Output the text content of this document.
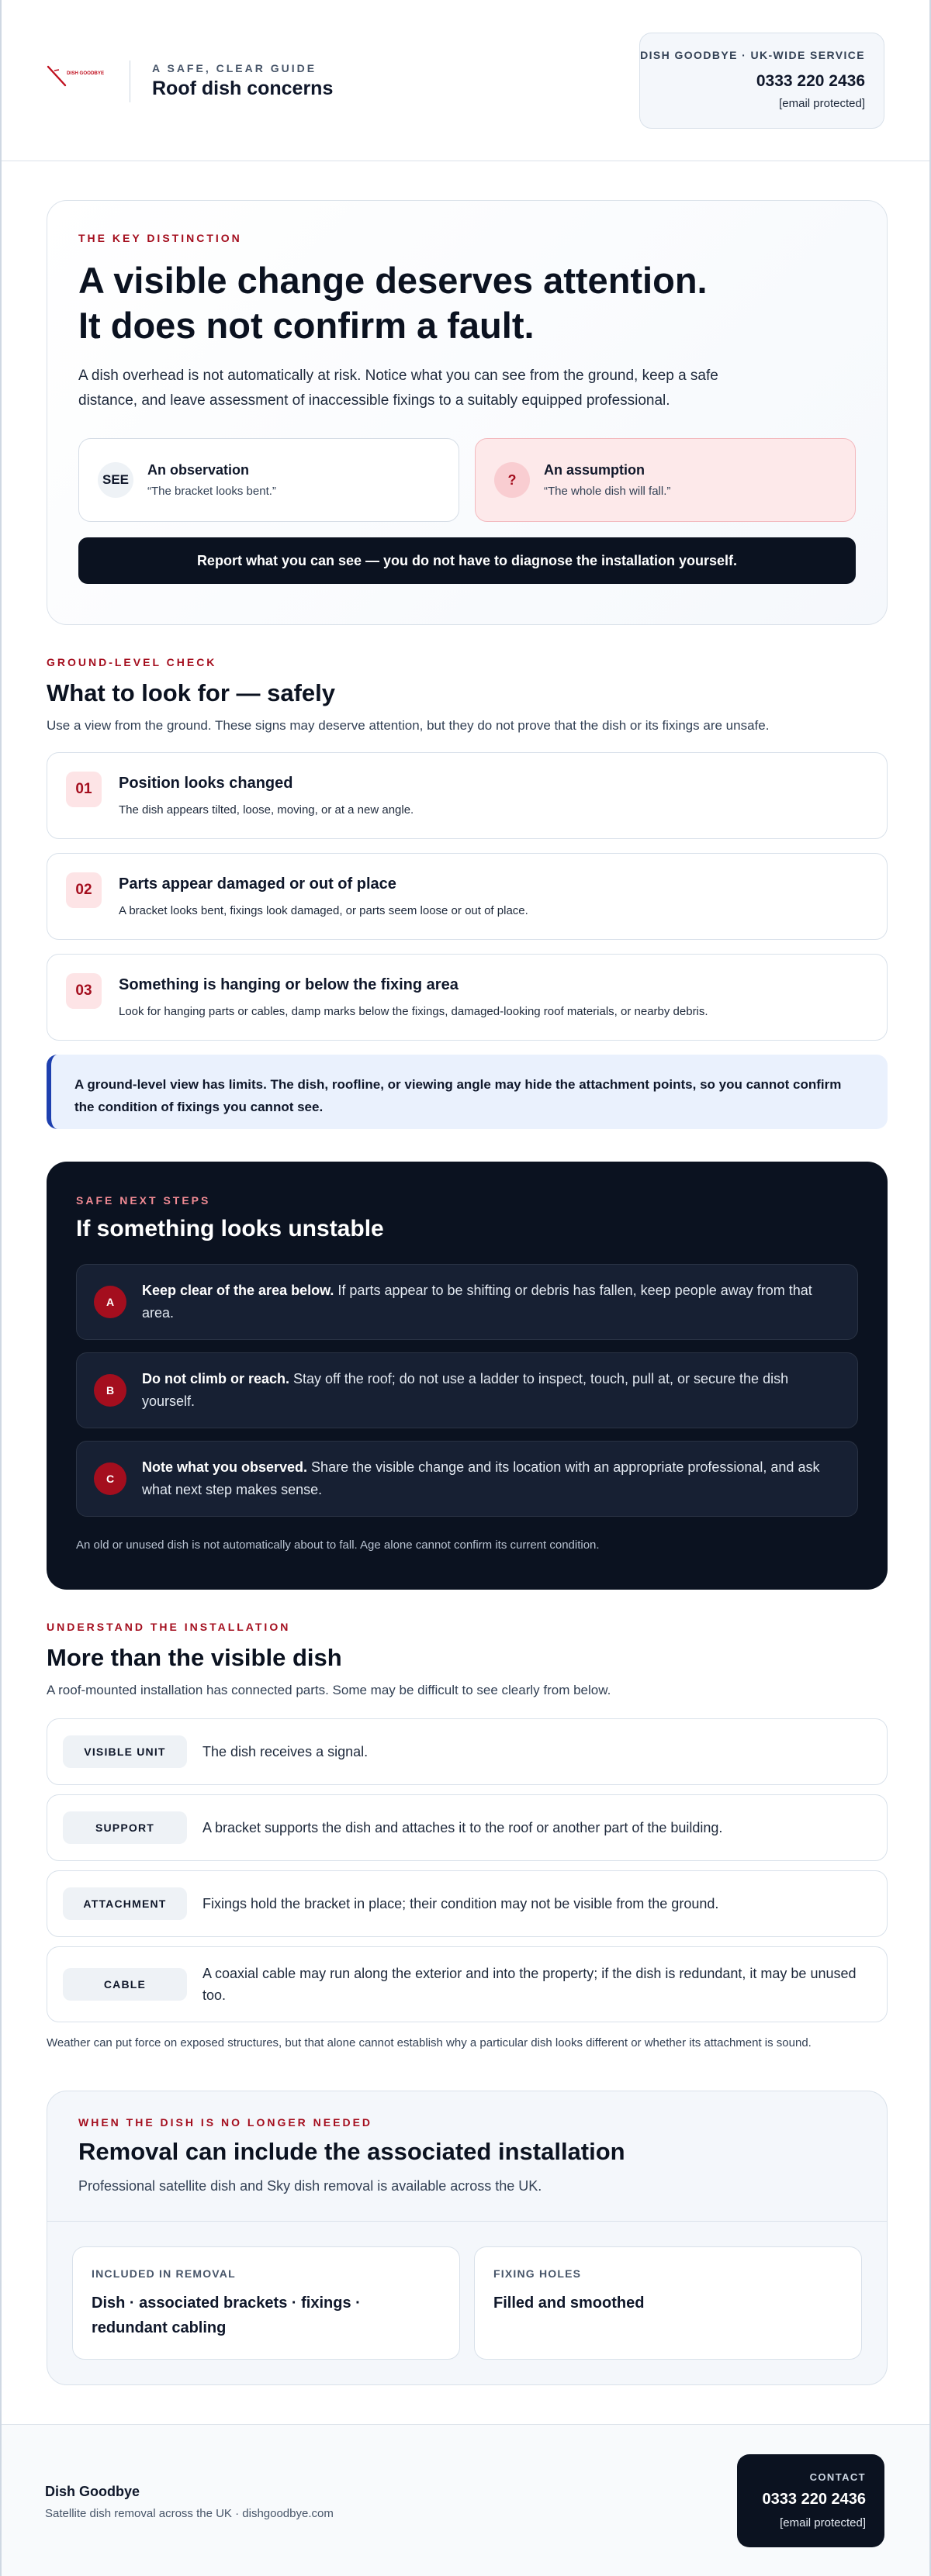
DISH GOODBYE	A SAFE, CLEAR GUIDE
Roof dish concerns
DISH GOODBYE · UK-WIDE SERVICE
0333 220 2436
[email protected]
THE KEY DISTINCTION
A visible change deserves attention.
It does not confirm a fault.

A dish overhead is not automatically at risk. Notice what you can see from the ground, keep a safe distance, and leave assessment of inaccessible fixings to a suitably equipped professional.

SEE
An observation
“The bracket looks bent.”
?
An assumption
“The whole dish will fall.”
Report what you can see — you do not have to diagnose the installation yourself.
GROUND-LEVEL CHECK
What to look for — safely

Use a view from the ground. These signs may deserve attention, but they do not prove that the dish or its fixings are unsafe.

01	Position looks changed
The dish appears tilted, loose, moving, or at a new angle.
02	Parts appear damaged or out of place
A bracket looks bent, fixings look damaged, or parts seem loose or out of place.
03	Something is hanging or below the fixing area
Look for hanging parts or cables, damp marks below the fixings, damaged-looking roof materials, or nearby debris.
A ground-level view has limits. The dish, roofline, or viewing angle may hide the attachment points, so you cannot confirm the condition of fixings you cannot see.
SAFE NEXT STEPS
If something looks unstable
A
Keep clear of the area below. If parts appear to be shifting or debris has fallen, keep people away from that area.
B
Do not climb or reach. Stay off the roof; do not use a ladder to inspect, touch, pull at, or secure the dish yourself.
C
Note what you observed. Share the visible change and its location with an appropriate professional, and ask what next step makes sense.

An old or unused dish is not automatically about to fall. Age alone cannot confirm its current condition.

UNDERSTAND THE INSTALLATION
More than the visible dish

A roof-mounted installation has connected parts. Some may be difficult to see clearly from below.

VISIBLE UNIT	The dish receives a signal.
SUPPORT	A bracket supports the dish and attaches it to the roof or another part of the building.
ATTACHMENT	Fixings hold the bracket in place; their condition may not be visible from the ground.
CABLE
A coaxial cable may run along the exterior and into the property; if the dish is redundant, it may be unused too.

Weather can put force on exposed structures, but that alone cannot establish why a particular dish looks different or whether its attachment is sound.

WHEN THE DISH IS NO LONGER NEEDED
Removal can include the associated installation

Professional satellite dish and Sky dish removal is available across the UK.

INCLUDED IN REMOVAL
Dish · associated brackets · fixings · redundant cabling
FIXING HOLES
Filled and smoothed
Dish Goodbye
Satellite dish removal across the UK · dishgoodbye.com
CONTACT
0333 220 2436
[email protected]
